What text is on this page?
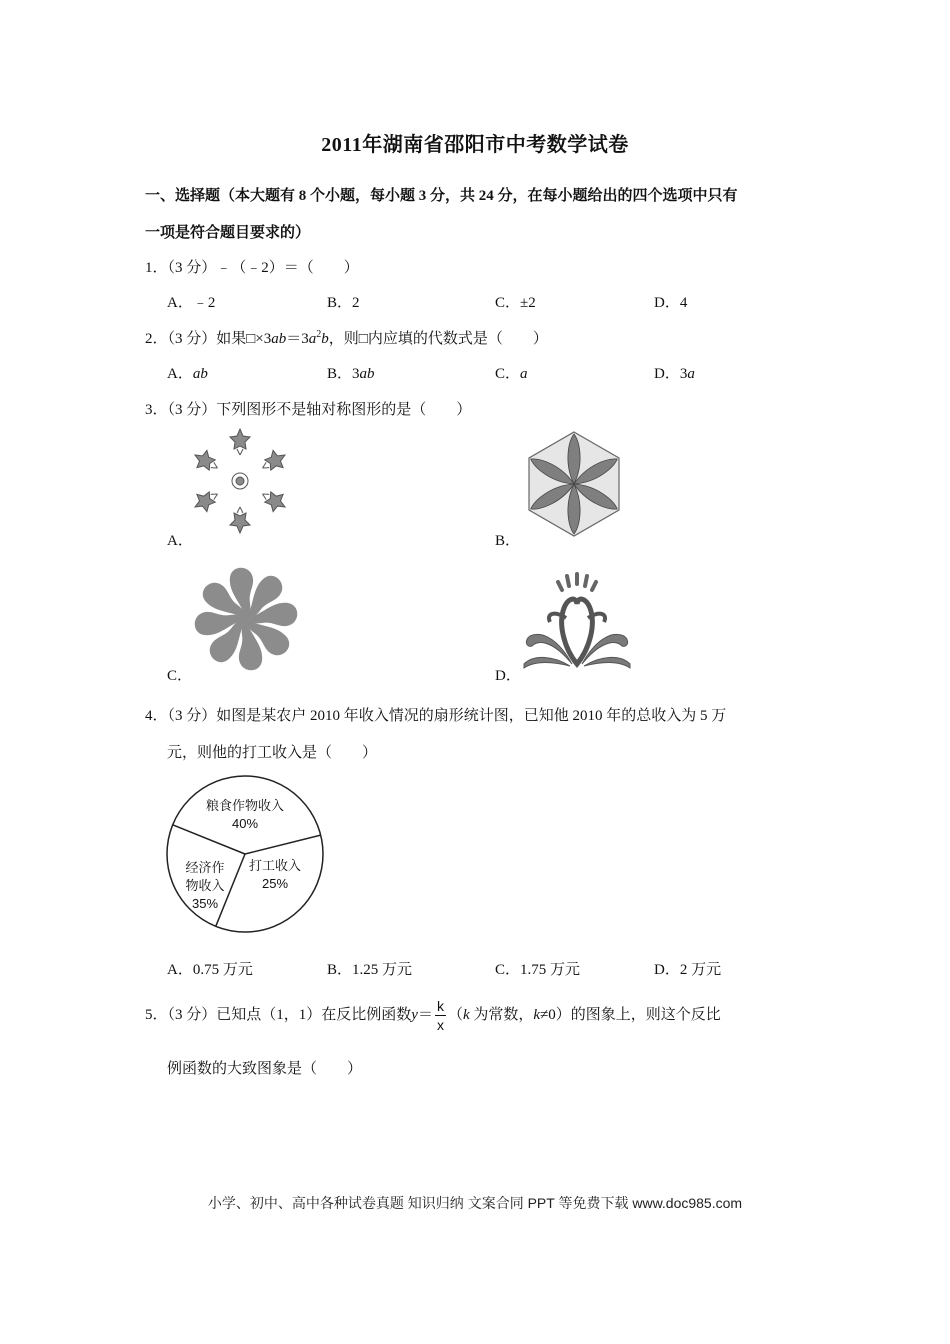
2011年湖南省邵阳市中考数学试卷
一、选择题（本大题有 8 个小题，每小题 3 分，共 24 分，在每小题给出的四个选项中只有
一项是符合题目要求的）
1．（3 分）﹣（﹣2）＝（　　）
A．﹣2	B．2	C．±2	D．4
2．（3 分）如果$□\times 3ab=3a^2b$，则□内应填的代数式是（　　）
A．ab	B．3ab	C．a	D．3a
3．（3 分）下列图形不是轴对称图形的是（　　）
A．	B．
C．	D．
4．（3 分）如图是某农户 2010 年收入情况的扇形统计图，已知他 2010 年的总收入为 5 万
元，则他的打工收入是（　　）
粮食作物收入
40%
经济作
物收入
35%
打工收入
25%
A．0.75 万元	B．1.25 万元	C．1.75 万元	D．2 万元
5．（3 分）已知点（1，1）在反比例函数$y= \frac{k}{x} (k$ 为常数，k≠0）的图象上，则这个反比
例函数的大致图象是（　　）
小学、初中、高中各种试卷真题 知识归纳 文案合同 PPT 等免费下载 www.doc985.com
